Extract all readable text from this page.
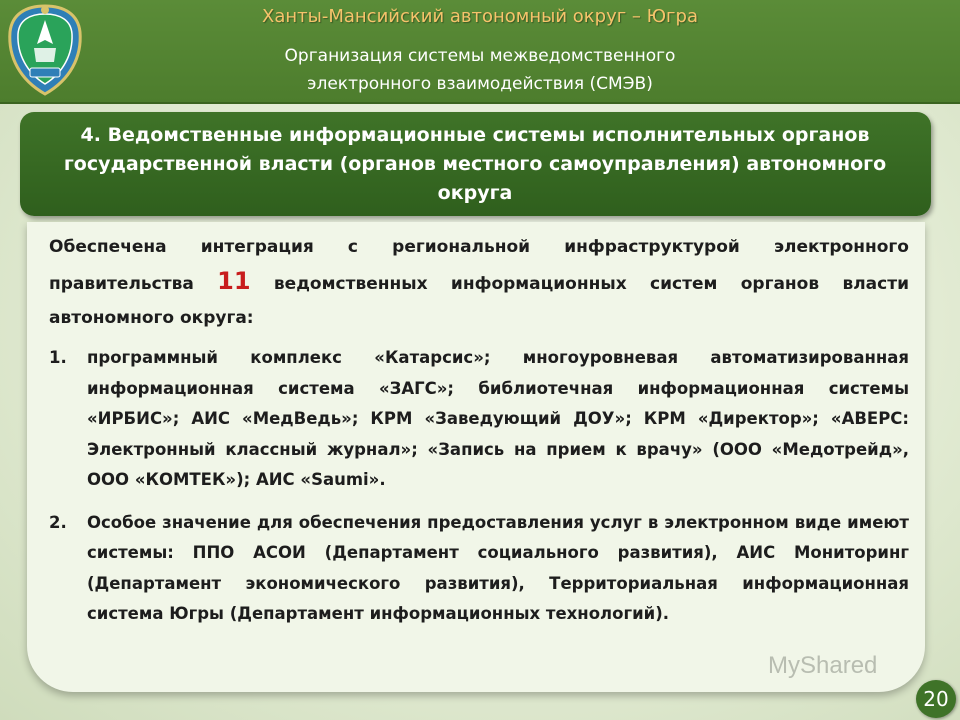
Ханты-Мансийский автономный округ – Югра
Организация системы межведомственного
электронного взаимодействия (СМЭВ)
4. Ведомственные информационные системы исполнительных органов
государственной власти (органов местного самоуправления) автономного
округа
Обеспечена интеграция с региональной инфраструктурой электронного правительства 11 ведомственных информационных систем органов власти автономного округа:
1. программный комплекс «Катарсис»; многоуровневая автоматизированная информационная система «ЗАГС»; библиотечная информационная системы «ИРБИС»; АИС «МедВедь»; КРМ «Заведующий ДОУ»; КРМ «Директор»; «АВЕРС: Электронный классный журнал»; «Запись на прием к врачу» (ООО «Медотрейд», ООО «КОМТЕК»); АИС «Saumi».
2. Особое значение для обеспечения предоставления услуг в электронном виде имеют системы: ППО АСОИ (Департамент социального развития), АИС Мониторинг (Департамент экономического развития), Территориальная информационная система Югры (Департамент информационных технологий).
MyShared
20
